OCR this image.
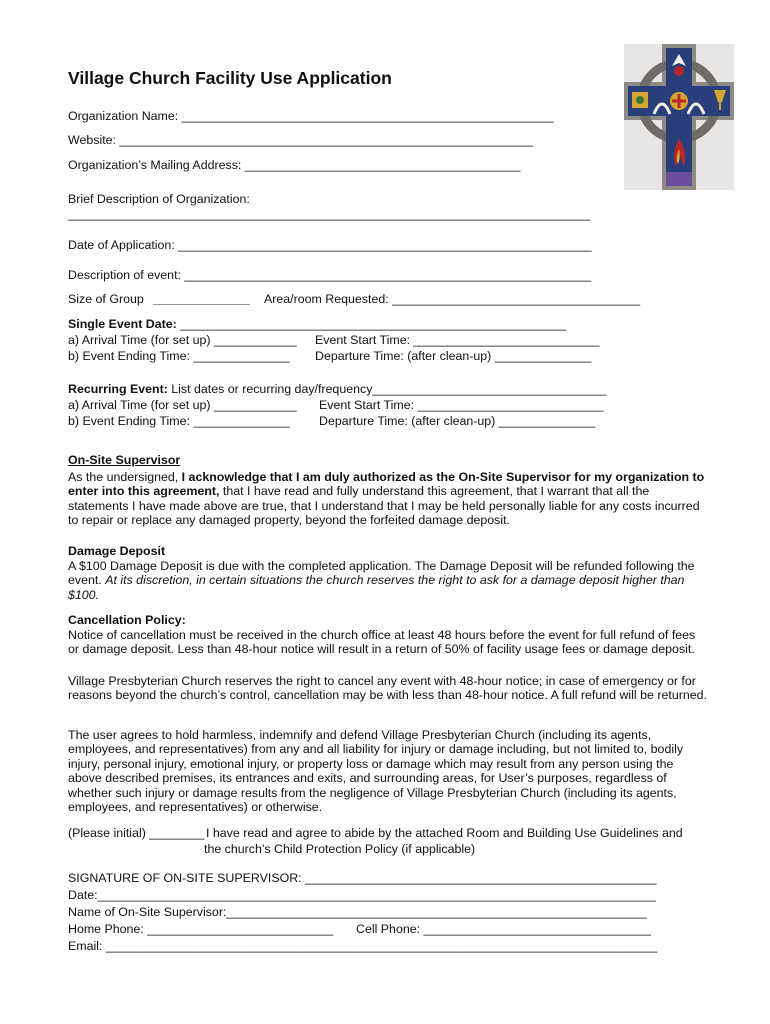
Village Church Facility Use Application
Organization Name: ______________________________________________________
Website: ____________________________________________________________
Organization’s Mailing Address: ________________________________________
Brief Description of Organization:
______________________________________________________________________________
Date of Application: ____________________________________________________________
Description of event: ___________________________________________________________
Size of Group ______________ Area/room Requested: ____________________________________
Single Event Date: ________________________________________________________
a) Arrival Time (for set up) ____________ Event Start Time: ___________________________
b) Event Ending Time: ______________ Departure Time: (after clean-up) ______________
Recurring Event: List dates or recurring day/frequency__________________________________
a) Arrival Time (for set up) ____________ Event Start Time: ___________________________
b) Event Ending Time: ______________ Departure Time: (after clean-up) ______________
On-Site Supervisor
As the undersigned, I acknowledge that I am duly authorized as the On-Site Supervisor for my organization to enter into this agreement, that I have read and fully understand this agreement, that I warrant that all the statements I have made above are true, that I understand that I may be held personally liable for any costs incurred to repair or replace any damaged property, beyond the forfeited damage deposit.
Damage Deposit
A $100 Damage Deposit is due with the completed application. The Damage Deposit will be refunded following the event. At its discretion, in certain situations the church reserves the right to ask for a damage deposit higher than $100.
Cancellation Policy:
Notice of cancellation must be received in the church office at least 48 hours before the event for full refund of fees or damage deposit. Less than 48-hour notice will result in a return of 50% of facility usage fees or damage deposit.
Village Presbyterian Church reserves the right to cancel any event with 48-hour notice; in case of emergency or for reasons beyond the church’s control, cancellation may be with less than 48-hour notice. A full refund will be returned.
The user agrees to hold harmless, indemnify and defend Village Presbyterian Church (including its agents, employees, and representatives) from any and all liability for injury or damage including, but not limited to, bodily injury, personal injury, emotional injury, or property loss or damage which may result from any person using the above described premises, its entrances and exits, and surrounding areas, for User’s purposes, regardless of whether such injury or damage results from the negligence of Village Presbyterian Church (including its agents, employees, and representatives) or otherwise.
(Please initial) ________ I have read and agree to abide by the attached Room and Building Use Guidelines and
the church’s Child Protection Policy (if applicable)
SIGNATURE OF ON-SITE SUPERVISOR: ___________________________________________________
Date:_________________________________________________________________________________
Name of On-Site Supervisor:_____________________________________________________________
Home Phone: ___________________________ Cell Phone: _________________________________
Email: ________________________________________________________________________________
